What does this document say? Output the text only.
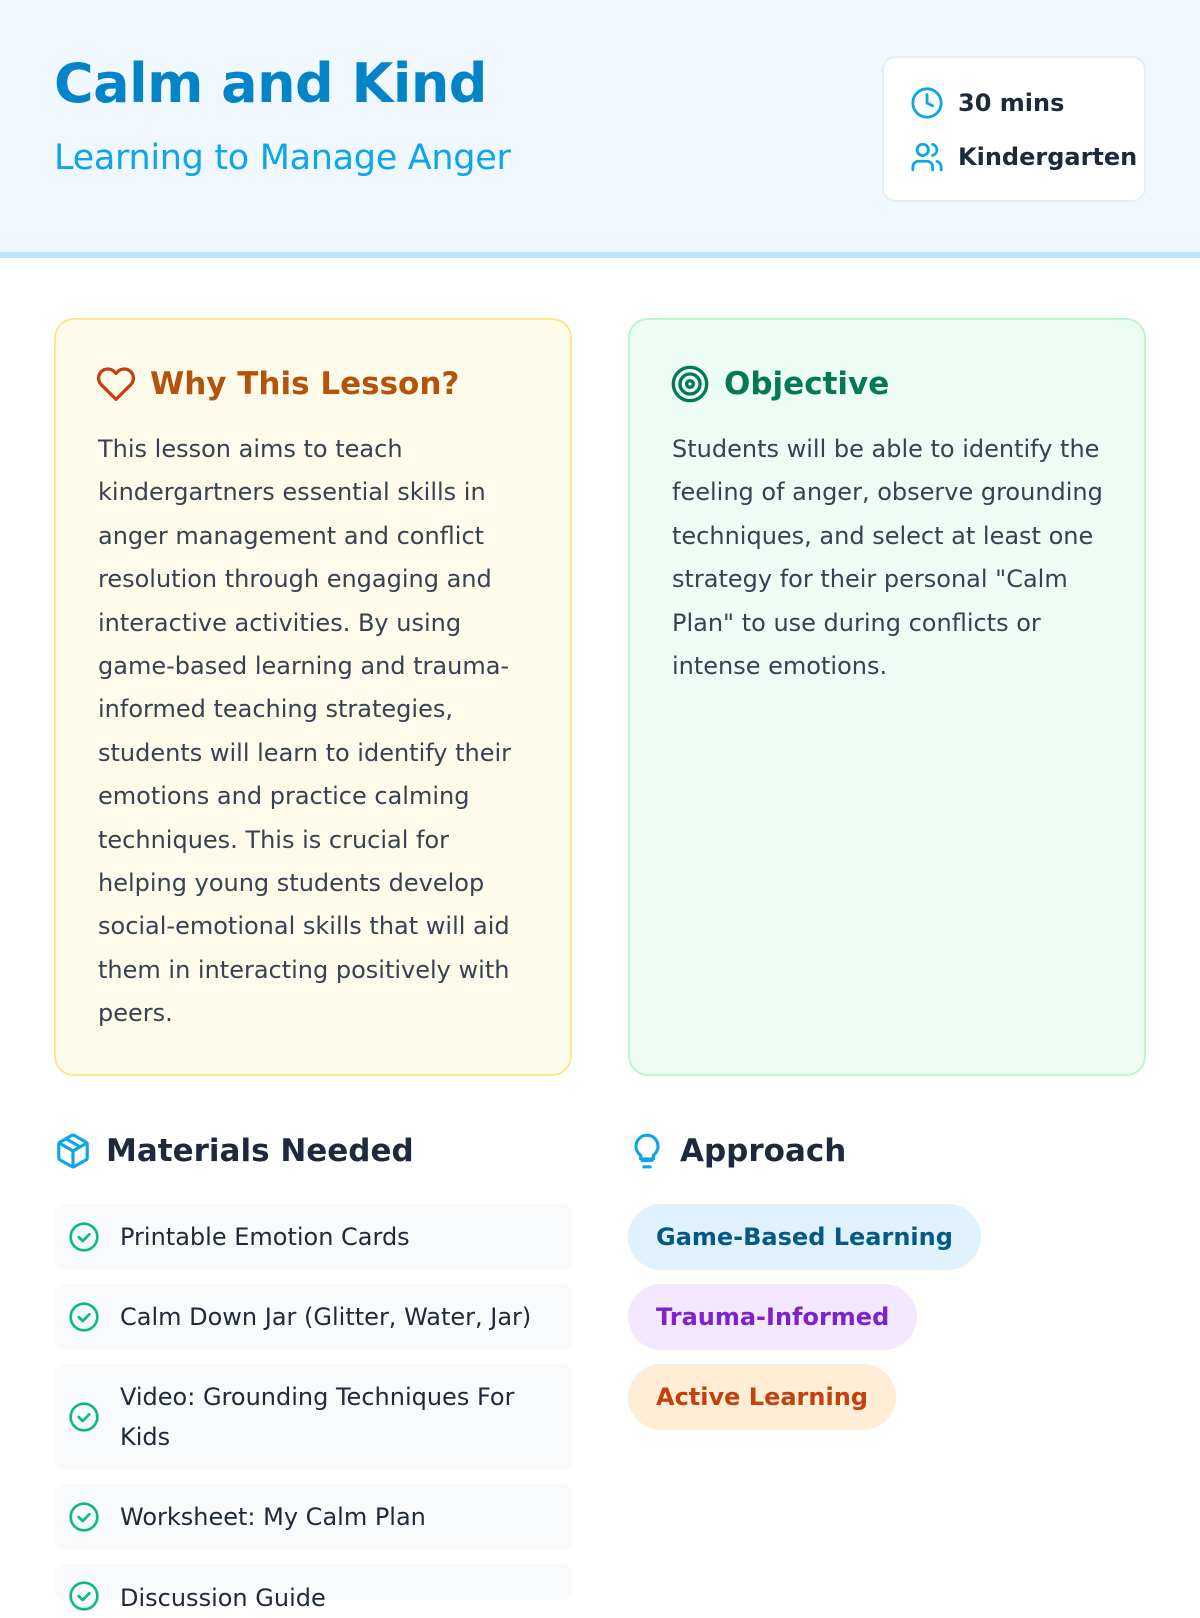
Calm and Kind
Learning to Manage Anger
30 mins
Kindergarten
Why This Lesson?
This lesson aims to teach kindergartners essential skills in anger management and conflict resolution through engaging and interactive activities. By using game-based learning and trauma-informed teaching strategies, students will learn to identify their emotions and practice calming techniques. This is crucial for helping young students develop social-emotional skills that will aid them in interacting positively with peers.
Objective
Students will be able to identify the feeling of anger, observe grounding techniques, and select at least one strategy for their personal "Calm Plan" to use during conflicts or intense emotions.
Materials Needed
Printable Emotion Cards
Calm Down Jar (Glitter, Water, Jar)
Video: Grounding Techniques For Kids
Worksheet: My Calm Plan
Discussion Guide
Approach
Game-Based Learning
Trauma-Informed
Active Learning
